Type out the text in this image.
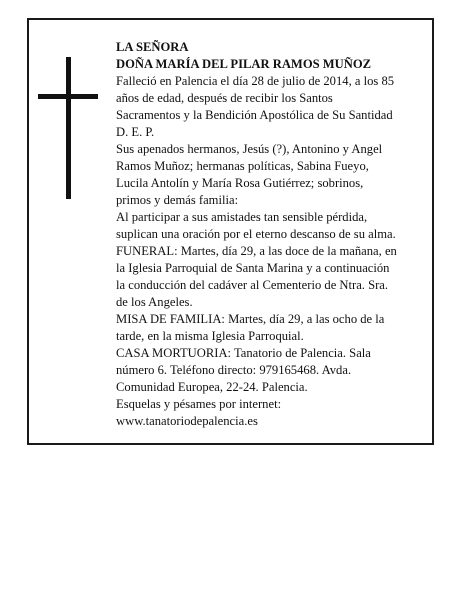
LA SEÑORA
DOÑA MARÍA DEL PILAR RAMOS MUÑOZ
Falleció en Palencia el día 28 de julio de 2014, a los 85
años de edad, después de recibir los Santos
Sacramentos y la Bendición Apostólica de Su Santidad
D. E. P.
Sus apenados hermanos, Jesús (?), Antonino y Angel
Ramos Muñoz; hermanas políticas, Sabina Fueyo,
Lucila Antolín y María Rosa Gutiérrez; sobrinos,
primos y demás familia:
Al participar a sus amistades tan sensible pérdida,
suplican una oración por el eterno descanso de su alma.
FUNERAL: Martes, día 29, a las doce de la mañana, en
la Iglesia Parroquial de Santa Marina y a continuación
la conducción del cadáver al Cementerio de Ntra. Sra.
de los Angeles.
MISA DE FAMILIA: Martes, día 29, a las ocho de la
tarde, en la misma Iglesia Parroquial.
CASA MORTUORIA: Tanatorio de Palencia. Sala
número 6. Teléfono directo: 979165468. Avda.
Comunidad Europea, 22-24. Palencia.
Esquelas y pésames por internet:
www.tanatoriodepalencia.es
